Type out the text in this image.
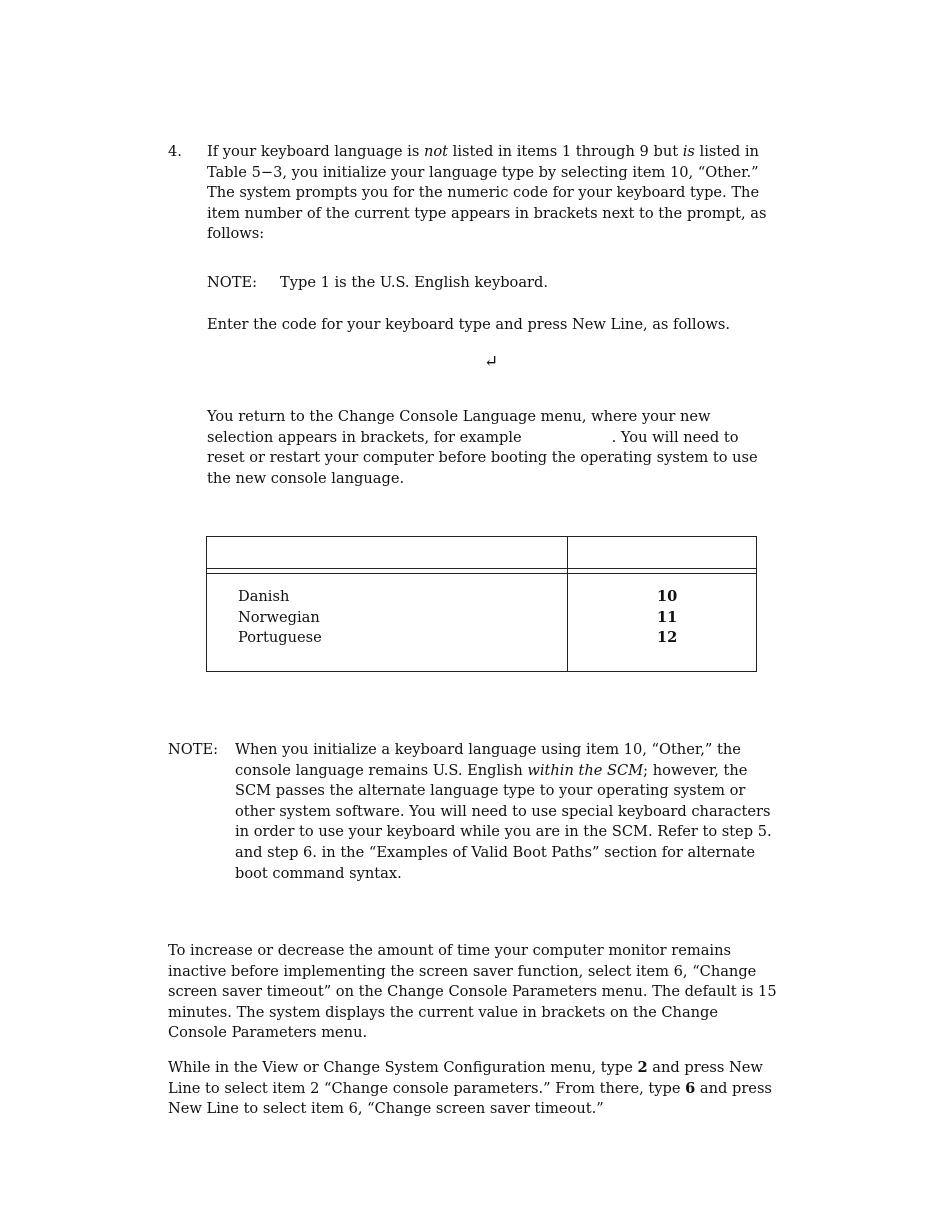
4. If your keyboard language is not listed in items 1 through 9 but is listed in Table 5−3, you initialize your language type by selecting item 10, “Other.” The system prompts you for the numeric code for your keyboard type. The item number of the current type appears in brackets next to the prompt, as follows:

NOTE: Type 1 is the U.S. English keyboard.

Enter the code for your keyboard type and press New Line, as follows.

↵

You return to the Change Console Language menu, where your new selection appears in brackets, for example	. You will need to reset or restart your computer before booting the operating system to use the new console language.

Danish	10
Norwegian	11
Portuguese	12
NOTE: When you initialize a keyboard language using item 10, “Other,” the console language remains U.S. English within the SCM; however, the SCM passes the alternate language type to your operating system or other system software. You will need to use special keyboard characters in order to use your keyboard while you are in the SCM. Refer to step 5. and step 6. in the “Examples of Valid Boot Paths” section for alternate boot command syntax.

To increase or decrease the amount of time your computer monitor remains inactive before implementing the screen saver function, select item 6, “Change screen saver timeout” on the Change Console Parameters menu. The default is 15 minutes. The system displays the current value in brackets on the Change Console Parameters menu.

While in the View or Change System Configuration menu, type 2 and press New Line to select item 2 “Change console parameters.” From there, type 6 and press New Line to select item 6, “Change screen saver timeout.”
